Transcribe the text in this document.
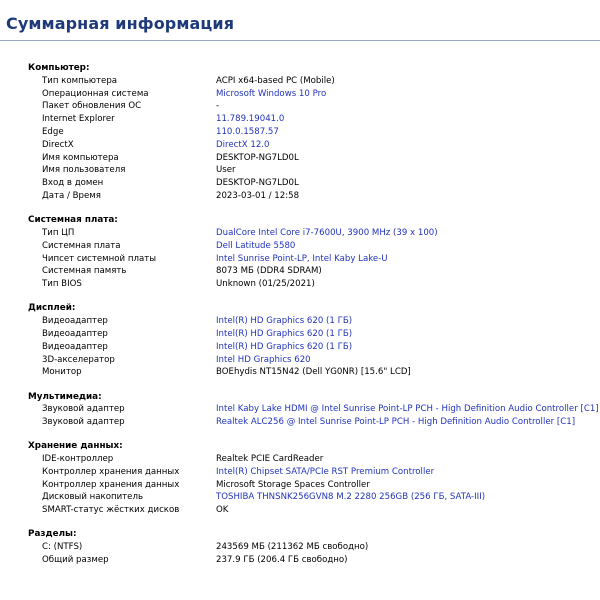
Суммарная информация
Компьютер:
Тип компьютера	ACPI x64-based PC (Mobile)
Операционная система	Microsoft Windows 10 Pro
Пакет обновления ОС	-
Internet Explorer	11.789.19041.0
Edge	110.0.1587.57
DirectX	DirectX 12.0
Имя компьютера	DESKTOP-NG7LD0L
Имя пользователя	User
Вход в домен	DESKTOP-NG7LD0L
Дата / Время	2023-03-01 / 12:58
Системная плата:
Тип ЦП	DualCore Intel Core i7-7600U, 3900 MHz (39 x 100)
Системная плата	Dell Latitude 5580
Чипсет системной платы	Intel Sunrise Point-LP, Intel Kaby Lake-U
Системная память	8073 МБ (DDR4 SDRAM)
Тип BIOS	Unknown (01/25/2021)
Дисплей:
Видеоадаптер	Intel(R) HD Graphics 620 (1 ГБ)
Видеоадаптер	Intel(R) HD Graphics 620 (1 ГБ)
Видеоадаптер	Intel(R) HD Graphics 620 (1 ГБ)
3D-акселератор	Intel HD Graphics 620
Монитор	BOEhydis NT15N42 (Dell YG0NR) [15.6" LCD]
Мультимедиа:
Звуковой адаптер	Intel Kaby Lake HDMI @ Intel Sunrise Point-LP PCH - High Definition Audio Controller [C1]
Звуковой адаптер	Realtek ALC256 @ Intel Sunrise Point-LP PCH - High Definition Audio Controller [C1]
Хранение данных:
IDE-контроллер	Realtek PCIE CardReader
Контроллер хранения данных	Intel(R) Chipset SATA/PCIe RST Premium Controller
Контроллер хранения данных	Microsoft Storage Spaces Controller
Дисковый накопитель	TOSHIBA THNSNK256GVN8 M.2 2280 256GB (256 ГБ, SATA-III)
SMART-статус жёстких дисков	OK
Разделы:
C: (NTFS)	243569 МБ (211362 МБ свободно)
Общий размер	237.9 ГБ (206.4 ГБ свободно)
